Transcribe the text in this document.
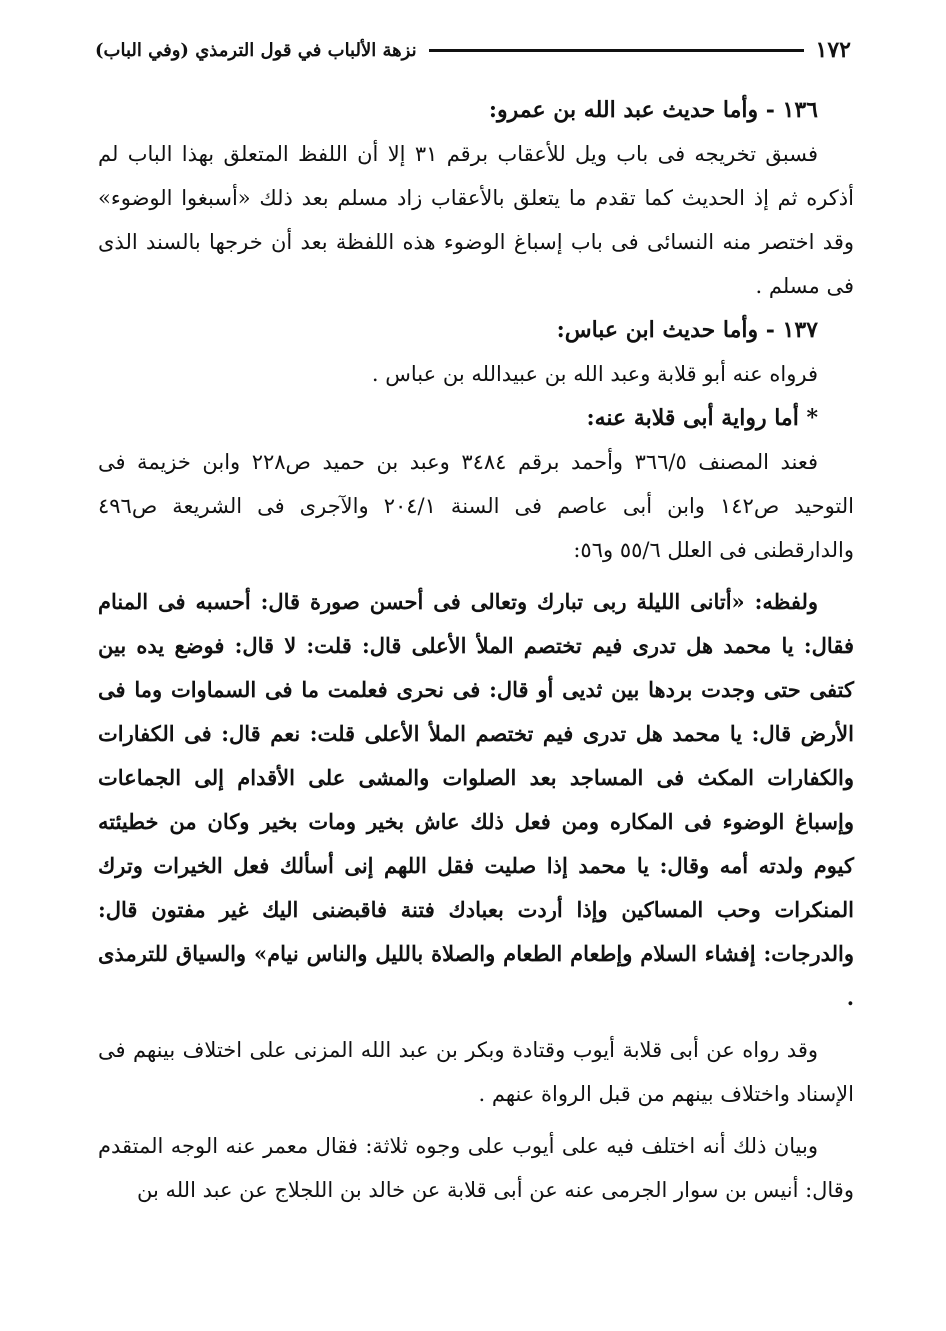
١٧٢
نزهة الألباب في قول الترمذي (وفي الباب)

١٣٦ - وأما حديث عبد الله بن عمرو:

فسبق تخريجه فى باب ويل للأعقاب برقم ٣١ إلا أن اللفظ المتعلق بهذا الباب لم أذكره ثم إذ الحديث كما تقدم ما يتعلق بالأعقاب زاد مسلم بعد ذلك «أسبغوا الوضوء» وقد اختصر منه النسائى فى باب إسباغ الوضوء هذه اللفظة بعد أن خرجها بالسند الذى فى مسلم .

١٣٧ - وأما حديث ابن عباس:

فرواه عنه أبو قلابة وعبد الله بن عبيدالله بن عباس .

* أما رواية أبى قلابة عنه:

فعند المصنف ٣٦٦/٥ وأحمد برقم ٣٤٨٤ وعبد بن حميد ص٢٢٨ وابن خزيمة فى التوحيد ص١٤٢ وابن أبى عاصم فى السنة ٢٠٤/١ والآجرى فى الشريعة ص٤٩٦ والدارقطنى فى العلل ٥٥/٦ و٥٦:

ولفظه: «أتانى الليلة ربى تبارك وتعالى فى أحسن صورة قال: أحسبه فى المنام فقال: يا محمد هل تدرى فيم تختصم الملأ الأعلى قال: قلت: لا قال: فوضع يده بين كتفى حتى وجدت بردها بين ثديى أو قال: فى نحرى فعلمت ما فى السماوات وما فى الأرض قال: يا محمد هل تدرى فيم تختصم الملأ الأعلى قلت: نعم قال: فى الكفارات والكفارات المكث فى المساجد بعد الصلوات والمشى على الأقدام إلى الجماعات وإسباغ الوضوء فى المكاره ومن فعل ذلك عاش بخير ومات بخير وكان من خطيئته كيوم ولدته أمه وقال: يا محمد إذا صليت فقل اللهم إنى أسألك فعل الخيرات وترك المنكرات وحب المساكين وإذا أردت بعبادك فتنة فاقبضنى اليك غير مفتون قال: والدرجات: إفشاء السلام وإطعام الطعام والصلاة بالليل والناس نيام» والسياق للترمذى .

وقد رواه عن أبى قلابة أيوب وقتادة وبكر بن عبد الله المزنى على اختلاف بينهم فى الإسناد واختلاف بينهم من قبل الرواة عنهم .

وبيان ذلك أنه اختلف فيه على أيوب على وجوه ثلاثة: فقال معمر عنه الوجه المتقدم وقال: أنيس بن سوار الجرمى عنه عن أبى قلابة عن خالد بن اللجلاج عن عبد الله بن
